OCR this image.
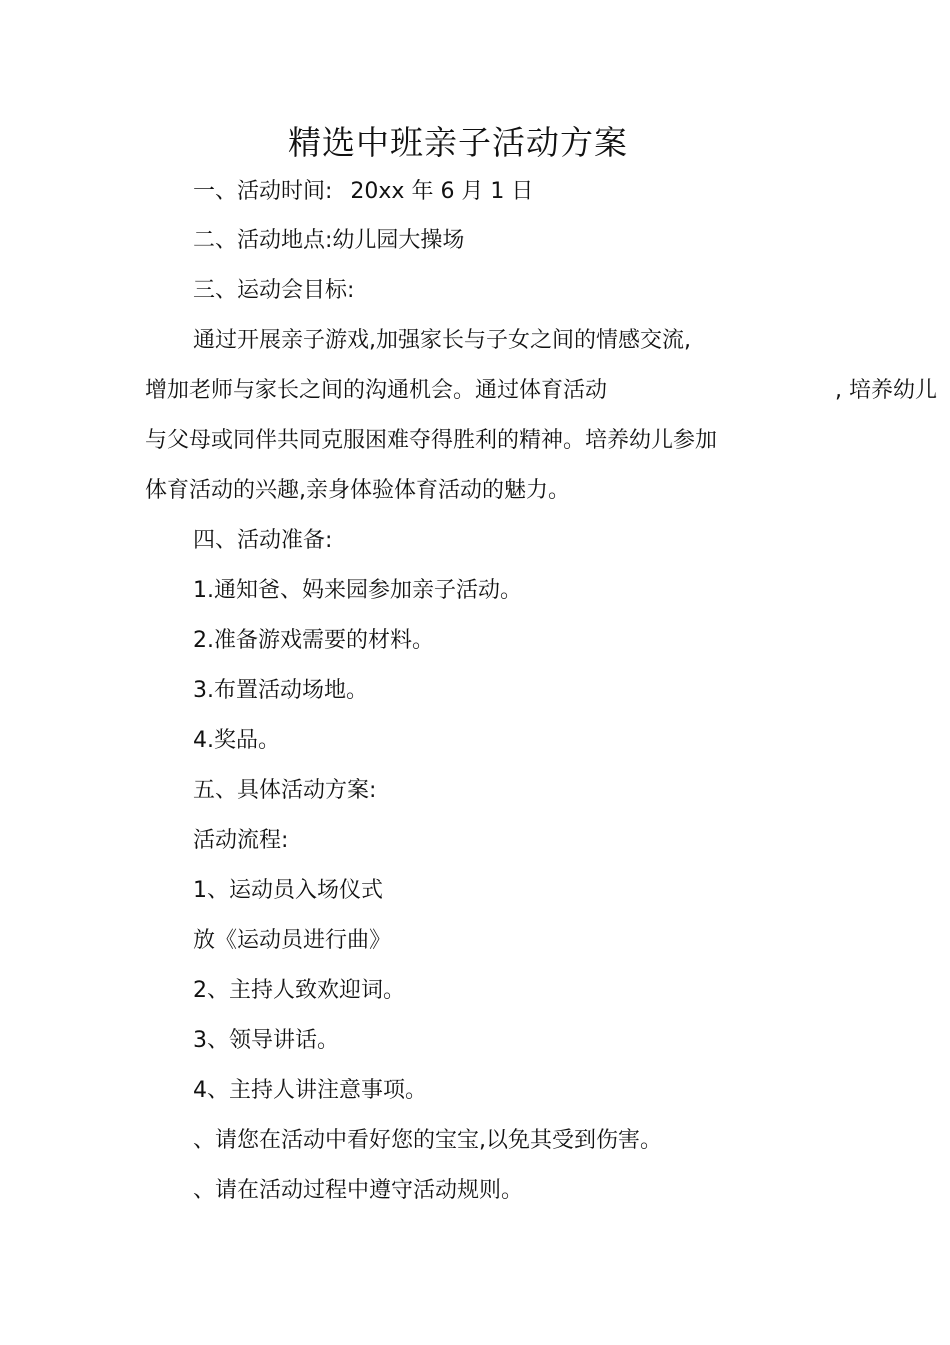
精选中班亲子活动方案
一、活动时间: 20xx 年 6 月 1 日
二、活动地点:幼儿园大操场
三、运动会目标:
通过开展亲子游戏,加强家长与子女之间的情感交流,
增加老师与家长之间的沟通机会。通过体育活动	, 培养幼儿
与父母或同伴共同克服困难夺得胜利的精神。培养幼儿参加
体育活动的兴趣,亲身体验体育活动的魅力。
四、活动准备:
1.通知爸、妈来园参加亲子活动。
2.准备游戏需要的材料。
3.布置活动场地。
4.奖品。
五、具体活动方案:
活动流程:
1、运动员入场仪式
放《运动员进行曲》
2、主持人致欢迎词。
3、领导讲话。
4、主持人讲注意事项。
、请您在活动中看好您的宝宝,以免其受到伤害。
、请在活动过程中遵守活动规则。
